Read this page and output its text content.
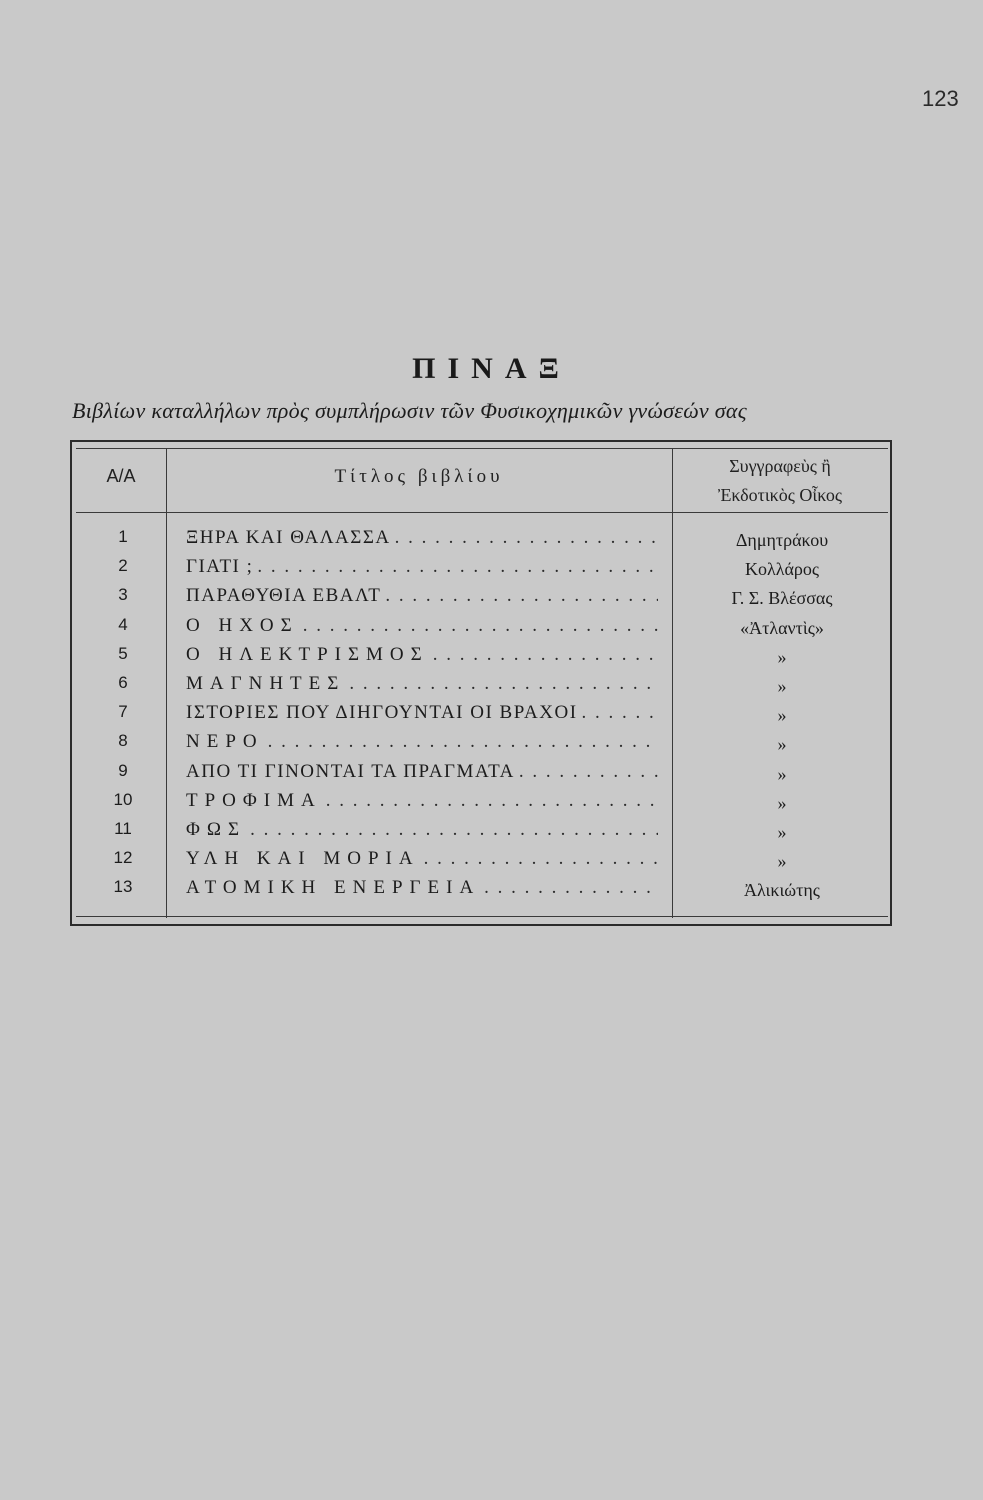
123
ΠΙΝΑΞ
Βιβλίων καταλλήλων πρὸς συμπλήρωσιν τῶν Φυσικοχημικῶν γνώσεών σας
Α/Α	Τίτλος βιβλίου	Συγγραφεὺς ἢ
Ἐκδοτικὸς Οἶκος
1	ΞΗΡΑ ΚΑΙ ΘΑΛΑΣΣΑ . . .	Δημητράκου
2	ΓΙΑΤΙ ; . . .	Κολλάρος
3	ΠΑΡΑΘΥΘΙΑ ΕΒΑΛΤ . . .	Γ. Σ. Βλέσσας
4	Ο ΗΧΟΣ . . .	«Ἀτλαντὶς»
5	Ο ΗΛΕΚΤΡΙΣΜΟΣ . . .	»
6	ΜΑΓΝΗΤΕΣ . . .	»
7	ΙΣΤΟΡΙΕΣ ΠΟΥ ΔΙΗΓΟΥΝΤΑΙ ΟΙ ΒΡΑΧΟΙ . . .	»
8	ΝΕΡΟ . . .	»
9	ΑΠΟ ΤΙ ΓΙΝΟΝΤΑΙ ΤΑ ΠΡΑΓΜΑΤΑ . . .	»
10	ΤΡΟΦΙΜΑ . . .	»
11	ΦΩΣ . . .	»
12	ΥΛΗ ΚΑΙ ΜΟΡΙΑ . . .	»
13	ΑΤΟΜΙΚΗ ΕΝΕΡΓΕΙΑ . . .	Ἀλικιώτης
